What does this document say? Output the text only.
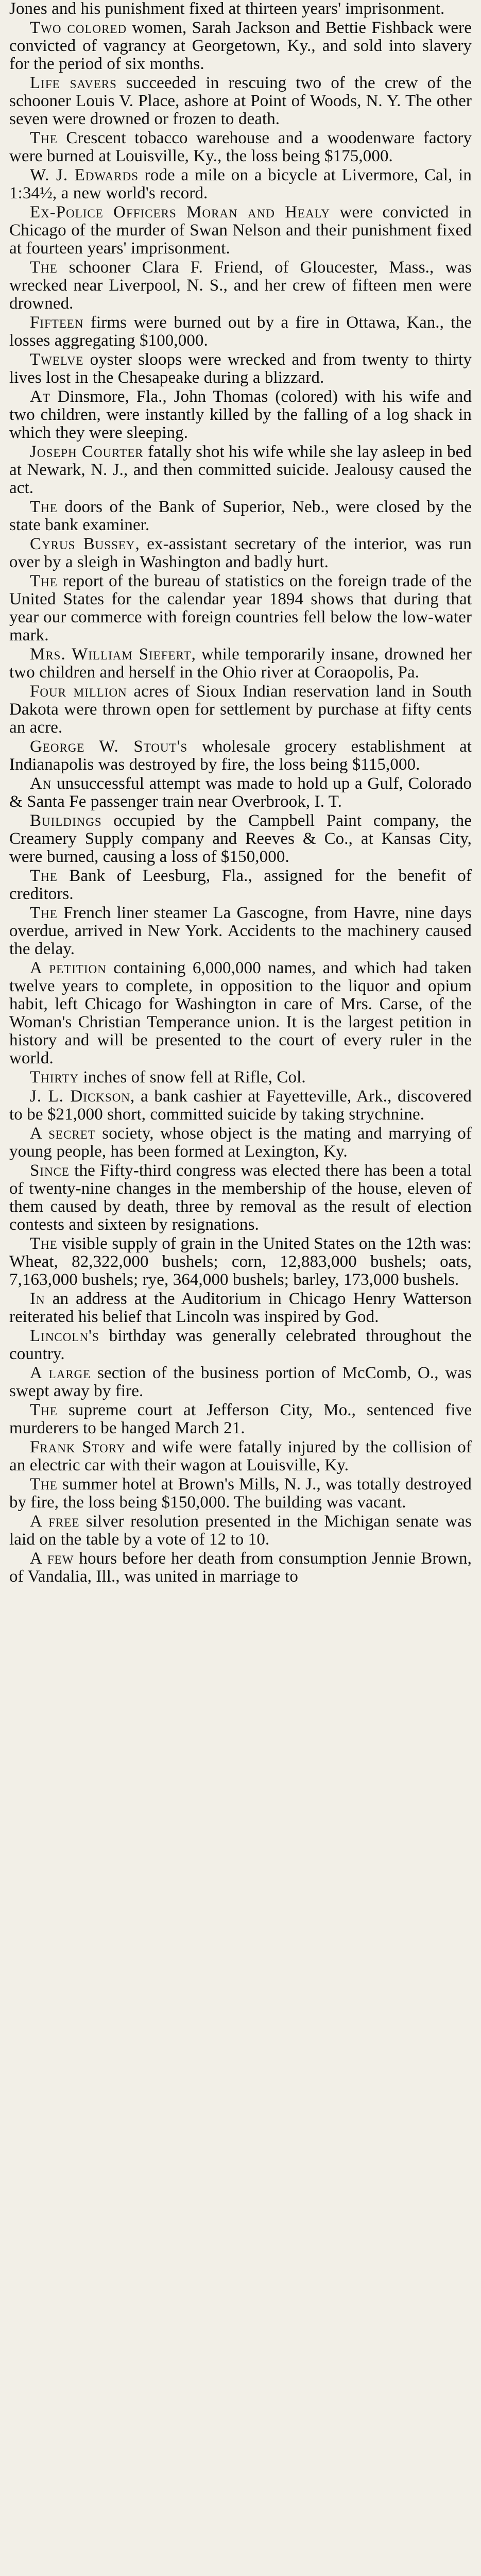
Jones and his punishment fixed at thirteen years' imprisonment.

Two colored women, Sarah Jackson and Bettie Fishback were convicted of vagrancy at Georgetown, Ky., and sold into slavery for the period of six months.

Life savers succeeded in rescuing two of the crew of the schooner Louis V. Place, ashore at Point of Woods, N. Y. The other seven were drowned or frozen to death.

The Crescent tobacco warehouse and a woodenware factory were burned at Louisville, Ky., the loss being $175,000.

W. J. Edwards rode a mile on a bicycle at Livermore, Cal, in 1:34½, a new world's record.

Ex-Police Officers Moran and Healy were convicted in Chicago of the murder of Swan Nelson and their punishment fixed at fourteen years' imprisonment.

The schooner Clara F. Friend, of Gloucester, Mass., was wrecked near Liverpool, N. S., and her crew of fifteen men were drowned.

Fifteen firms were burned out by a fire in Ottawa, Kan., the losses aggregating $100,000.

Twelve oyster sloops were wrecked and from twenty to thirty lives lost in the Chesapeake during a blizzard.

At Dinsmore, Fla., John Thomas (colored) with his wife and two children, were instantly killed by the falling of a log shack in which they were sleeping.

Joseph Courter fatally shot his wife while she lay asleep in bed at Newark, N. J., and then committed suicide. Jealousy caused the act.

The doors of the Bank of Superior, Neb., were closed by the state bank examiner.

Cyrus Bussey, ex-assistant secretary of the interior, was run over by a sleigh in Washington and badly hurt.

The report of the bureau of statistics on the foreign trade of the United States for the calendar year 1894 shows that during that year our commerce with foreign countries fell below the low-water mark.

Mrs. William Siefert, while temporarily insane, drowned her two children and herself in the Ohio river at Coraopolis, Pa.

Four million acres of Sioux Indian reservation land in South Dakota were thrown open for settlement by purchase at fifty cents an acre.

George W. Stout's wholesale grocery establishment at Indianapolis was destroyed by fire, the loss being $115,000.

An unsuccessful attempt was made to hold up a Gulf, Colorado & Santa Fe passenger train near Overbrook, I. T.

Buildings occupied by the Campbell Paint company, the Creamery Supply company and Reeves & Co., at Kansas City, were burned, causing a loss of $150,000.

The Bank of Leesburg, Fla., assigned for the benefit of creditors.

The French liner steamer La Gascogne, from Havre, nine days overdue, arrived in New York. Accidents to the machinery caused the delay.

A petition containing 6,000,000 names, and which had taken twelve years to complete, in opposition to the liquor and opium habit, left Chicago for Washington in care of Mrs. Carse, of the Woman's Christian Temperance union. It is the largest petition in history and will be presented to the court of every ruler in the world.

Thirty inches of snow fell at Rifle, Col.

J. L. Dickson, a bank cashier at Fayetteville, Ark., discovered to be $21,000 short, committed suicide by taking strychnine.

A secret society, whose object is the mating and marrying of young people, has been formed at Lexington, Ky.

Since the Fifty-third congress was elected there has been a total of twenty-nine changes in the membership of the house, eleven of them caused by death, three by removal as the result of election contests and sixteen by resignations.

The visible supply of grain in the United States on the 12th was: Wheat, 82,322,000 bushels; corn, 12,883,000 bushels; oats, 7,163,000 bushels; rye, 364,000 bushels; barley, 173,000 bushels.

In an address at the Auditorium in Chicago Henry Watterson reiterated his belief that Lincoln was inspired by God.

Lincoln's birthday was generally celebrated throughout the country.

A large section of the business portion of McComb, O., was swept away by fire.

The supreme court at Jefferson City, Mo., sentenced five murderers to be hanged March 21.

Frank Story and wife were fatally injured by the collision of an electric car with their wagon at Louisville, Ky.

The summer hotel at Brown's Mills, N. J., was totally destroyed by fire, the loss being $150,000. The building was vacant.

A free silver resolution presented in the Michigan senate was laid on the table by a vote of 12 to 10.

A few hours before her death from consumption Jennie Brown, of Vandalia, Ill., was united in marriage to
